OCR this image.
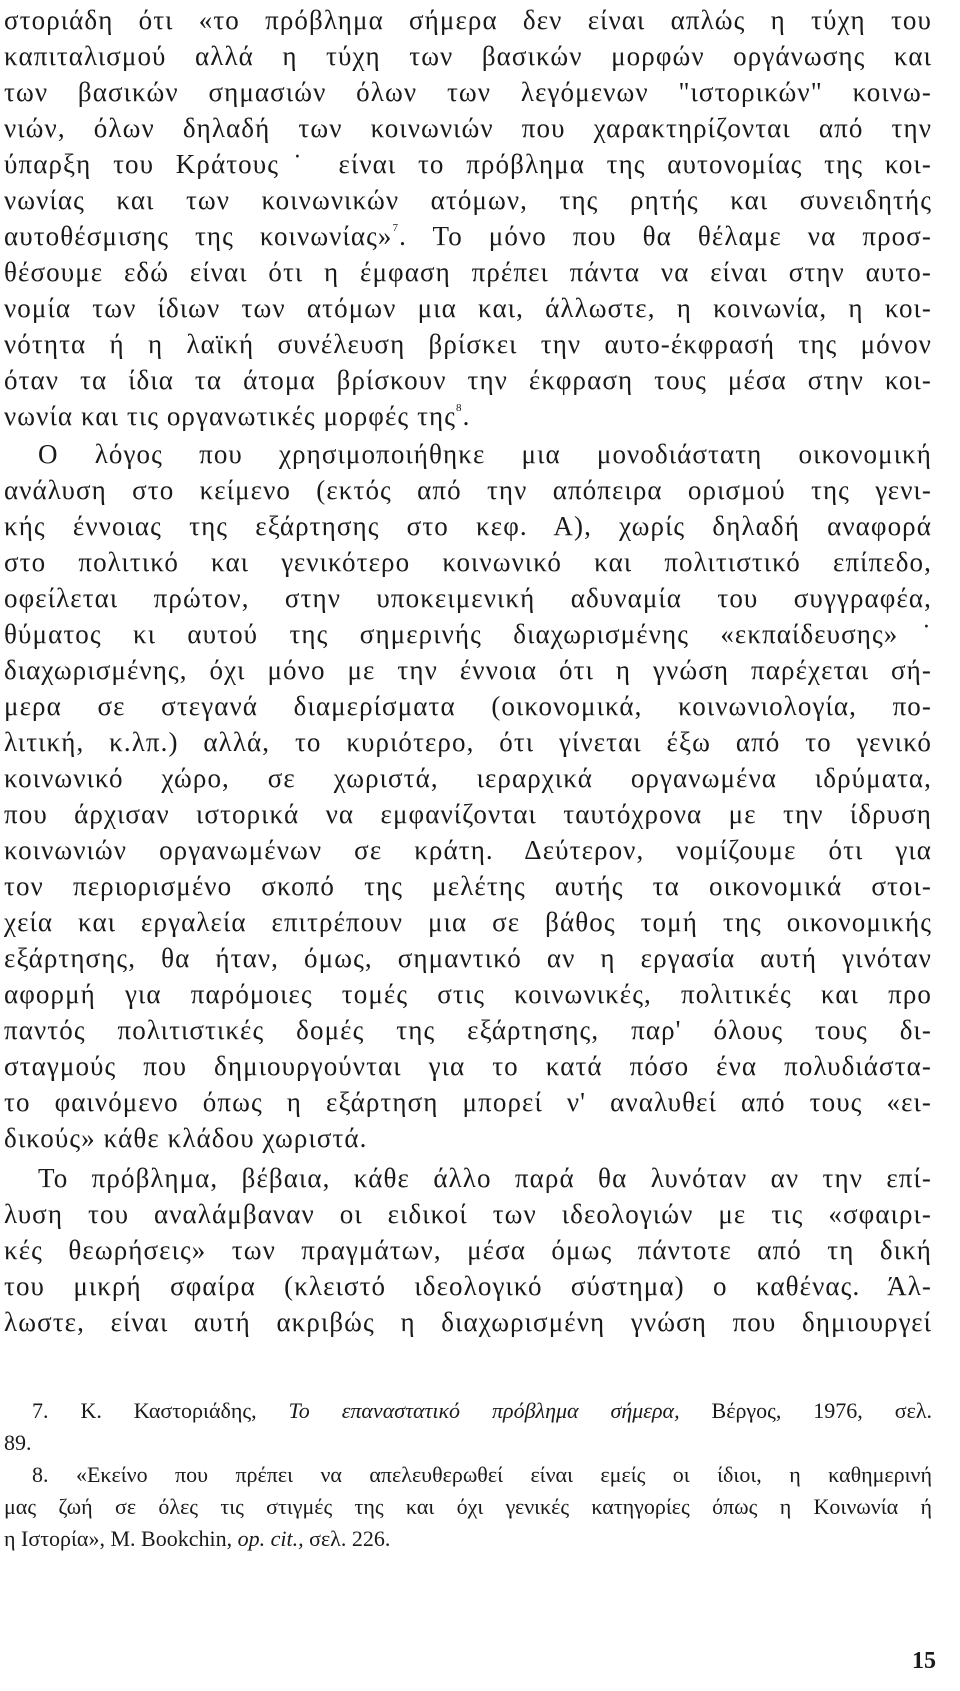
στοριάδη ότι «το πρόβλημα σήμερα δεν είναι απλώς η τύχη του
καπιταλισμού αλλά η τύχη των βασικών μορφών οργάνωσης και
των βασικών σημασιών όλων των λεγόμενων "ιστορικών" κοινω-
νιών, όλων δηλαδή των κοινωνιών που χαρακτηρίζονται από την
ύπαρξη του Κράτους˙ είναι το πρόβλημα της αυτονομίας της κοι-
νωνίας και των κοινωνικών ατόμων, της ρητής και συνειδητής
αυτοθέσμισης της κοινωνίας»$^7$. Το μόνο που θα θέλαμε να προσ-
θέσουμε εδώ είναι ότι η έμφαση πρέπει πάντα να είναι στην αυτο-
νομία των ίδιων των ατόμων μια και, άλλωστε, η κοινωνία, η κοι-
νότητα ή η λαϊκή συνέλευση βρίσκει την αυτο-έκφρασή της μόνον
όταν τα ίδια τα άτομα βρίσκουν την έκφραση τους μέσα στην κοι-
νωνία και τις οργανωτικές μορφές της$^8$.
Ο λόγος που χρησιμοποιήθηκε μια μονοδιάστατη οικονομική
ανάλυση στο κείμενο (εκτός από την απόπειρα ορισμού της γενι-
κής έννοιας της εξάρτησης στο κεφ. Α), χωρίς δηλαδή αναφορά
στο πολιτικό και γενικότερο κοινωνικό και πολιτιστικό επίπεδο,
οφείλεται πρώτον, στην υποκειμενική αδυναμία του συγγραφέα,
θύματος κι αυτού της σημερινής διαχωρισμένης «εκπαίδευσης»˙
διαχωρισμένης, όχι μόνο με την έννοια ότι η γνώση παρέχεται σή-
μερα σε στεγανά διαμερίσματα (οικονομικά, κοινωνιολογία, πο-
λιτική, κ.λπ.) αλλά, το κυριότερο, ότι γίνεται έξω από το γενικό
κοινωνικό χώρο, σε χωριστά, ιεραρχικά οργανωμένα ιδρύματα,
που άρχισαν ιστορικά να εμφανίζονται ταυτόχρονα με την ίδρυση
κοινωνιών οργανωμένων σε κράτη. Δεύτερον, νομίζουμε ότι για
τον περιορισμένο σκοπό της μελέτης αυτής τα οικονομικά στοι-
χεία και εργαλεία επιτρέπουν μια σε βάθος τομή της οικονομικής
εξάρτησης, θα ήταν, όμως, σημαντικό αν η εργασία αυτή γινόταν
αφορμή για παρόμοιες τομές στις κοινωνικές, πολιτικές και προ
παντός πολιτιστικές δομές της εξάρτησης, παρ' όλους τους δι-
σταγμούς που δημιουργούνται για το κατά πόσο ένα πολυδιάστα-
το φαινόμενο όπως η εξάρτηση μπορεί ν' αναλυθεί από τους «ει-
δικούς» κάθε κλάδου χωριστά.
Το πρόβλημα, βέβαια, κάθε άλλο παρά θα λυνόταν αν την επί-
λυση του αναλάμβαναν οι ειδικοί των ιδεολογιών με τις «σφαιρι-
κές θεωρήσεις» των πραγμάτων, μέσα όμως πάντοτε από τη δική
του μικρή σφαίρα (κλειστό ιδεολογικό σύστημα) ο καθένας. Άλ-
λωστε, είναι αυτή ακριβώς η διαχωρισμένη γνώση που δημιουργεί
7. Κ. Καστοριάδης, Το επαναστατικό πρόβλημα σήμερα, Βέργος, 1976, σελ.
89.
8. «Εκείνο που πρέπει να απελευθερωθεί είναι εμείς οι ίδιοι, η καθημερινή
μας ζωή σε όλες τις στιγμές της και όχι γενικές κατηγορίες όπως η Κοινωνία ή
η Ιστορία», M. Bookchin, op. cit., σελ. 226.
15
